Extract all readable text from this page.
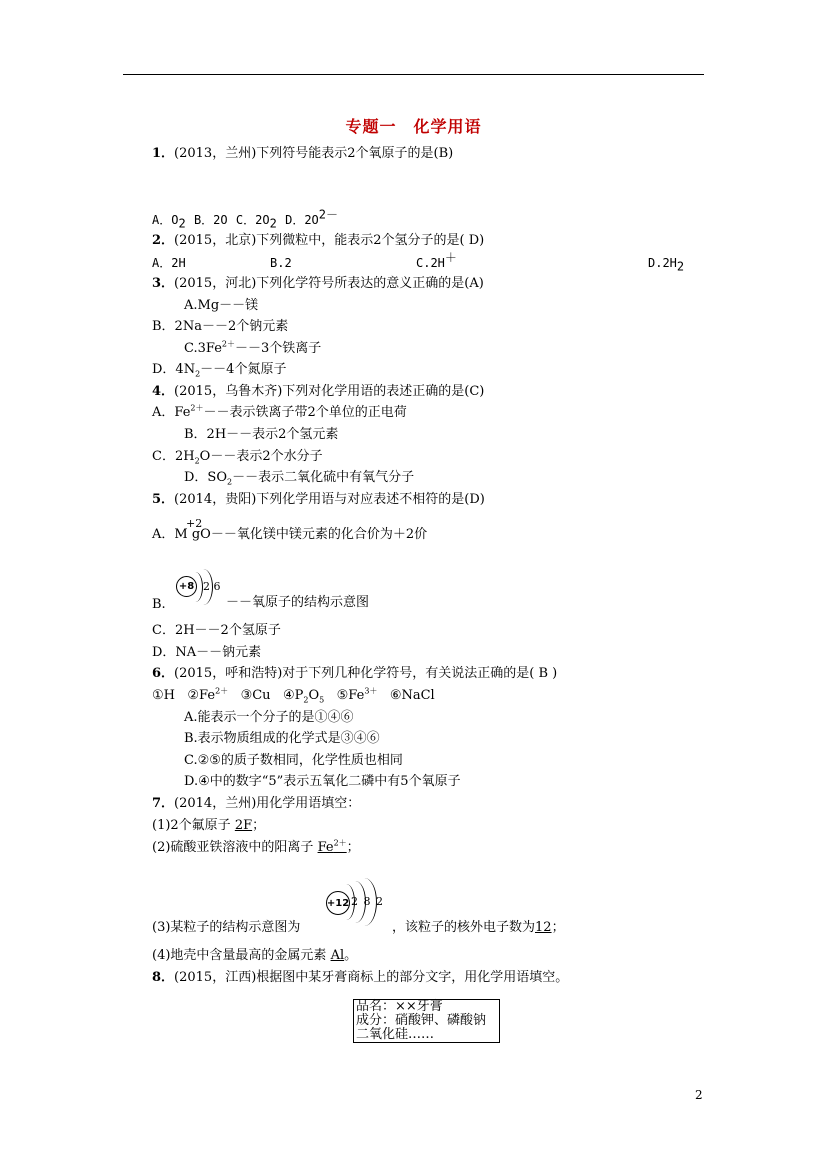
专题一　化学用语
1．(2013，兰州)下列符号能表示2个氧原子的是(B)
A．$O_2$ B．2O C．$2O_2$ D．$2O^{2-}$
2．(2015，北京)下列微粒中，能表示2个氢分子的是( D)
A．2H	B.2	C.2H＋	$D.2H_2$
3．(2015，河北)下列化学符号所表达的意义正确的是(A)
A.Mg－－镁
B．2Na－－2个钠元素
$C.3Fe^{2+}--3$个铁离子
D．$4N_2--4$个氮原子
4．(2015，乌鲁木齐)下列对化学用语的表述正确的是(C)
A．$Fe^{2+}--$表示铁离子带2个单位的正电荷
B．2H－－表示2个氢元素
C．$2H_2O--$表示2个水分子
D．$SO_2--$表示二氧化硫中有氧气分子
5．(2014，贵阳)下列化学用语与对应表述不相符的是(D)
+2
A．M gO－－氧化镁中镁元素的化合价为＋2价
B.
+8 2 6
－－氧原子的结构示意图
C．2H－－2个氢原子
D．NA－－钠元素
6．(2015，呼和浩特)对于下列几种化学符号，有关说法正确的是( B )
①H $②Fe^{2+}$ ③Cu $④P_2O_5$ $⑤Fe^{3+}$ ⑥NaCl
A.能表示一个分子的是①④⑥
B.表示物质组成的化学式是③④⑥
C.②⑤的质子数相同，化学性质也相同
D.④中的数字“5”表示五氧化二磷中有5个氧原子
7．(2014，兰州)用化学用语填空：
(1)2个氟原子 2F；
(2)硫酸亚铁溶液中的阳离子 $Fe^{2+}$；
+12 2 8 2
(3)某粒子的结构示意图为	，该粒子的核外电子数为12；
(4)地壳中含量最高的金属元素 Al。
8．(2015，江西)根据图中某牙膏商标上的部分文字，用化学用语填空。
品名：××牙膏
成分：硝酸钾、磷酸钠
二氧化硅……
2
